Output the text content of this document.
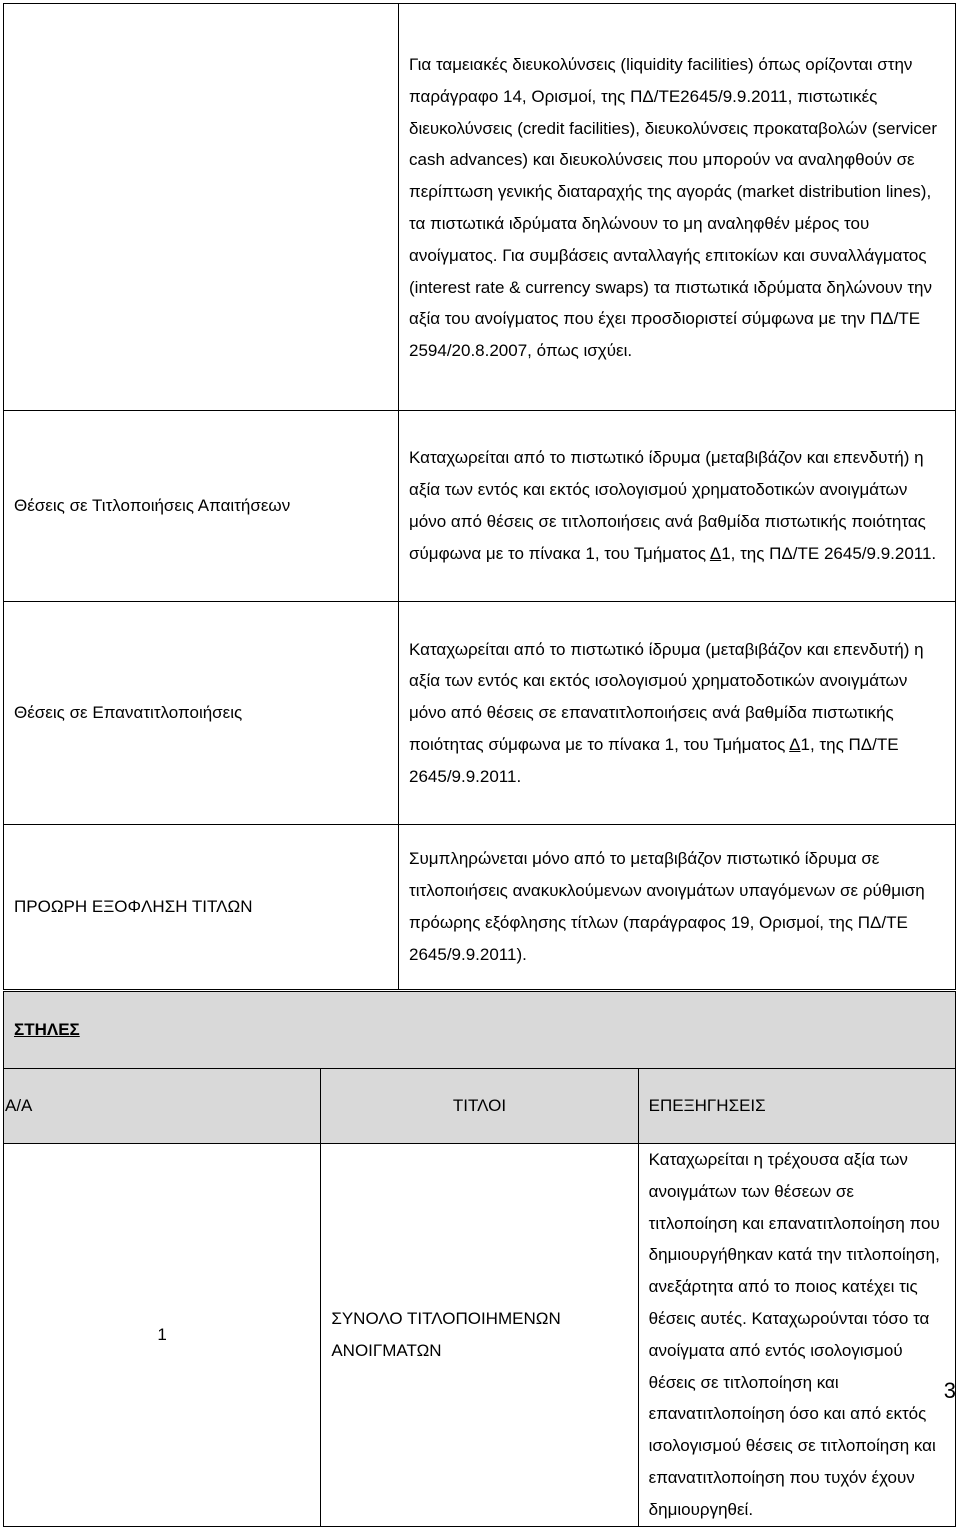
	Για ταμειακές διευκολύνσεις (liquidity facilities) όπως ορίζονται στην παράγραφο 14, Ορισμοί, της ΠΔ/ΤΕ2645/9.9.2011, πιστωτικές διευκολύνσεις (credit facilities), διευκολύνσεις προκαταβολών (servicer cash advances) και διευκολύνσεις που μπορούν να αναληφθούν σε περίπτωση γενικής διαταραχής της αγοράς (market distribution lines), τα πιστωτικά ιδρύματα δηλώνουν το μη αναληφθέν μέρος του ανοίγματος. Για συμβάσεις ανταλλαγής επιτοκίων και συναλλάγματος (interest rate & currency swaps) τα πιστωτικά ιδρύματα δηλώνουν την αξία του ανοίγματος που έχει προσδιοριστεί σύμφωνα με την ΠΔ/ΤΕ 2594/20.8.2007, όπως ισχύει.

Θέσεις σε Τιτλοποιήσεις Απαιτήσεων	Καταχωρείται από το πιστωτικό ίδρυμα (μεταβιβάζον και επενδυτή) η αξία των εντός και εκτός ισολογισμού χρηματοδοτικών ανοιγμάτων μόνο από θέσεις σε τιτλοποιήσεις ανά βαθμίδα πιστωτικής ποιότητας σύμφωνα με το πίνακα 1, του Τμήματος Δ1, της ΠΔ/ΤΕ 2645/9.9.2011.

Θέσεις σε Επανατιτλοποιήσεις	Καταχωρείται από το πιστωτικό ίδρυμα (μεταβιβάζον και επενδυτή) η αξία των εντός και εκτός ισολογισμού χρηματοδοτικών ανοιγμάτων μόνο από θέσεις σε επανατιτλοποιήσεις ανά βαθμίδα πιστωτικής ποιότητας σύμφωνα με το πίνακα 1, του Τμήματος Δ1, της ΠΔ/ΤΕ 2645/9.9.2011.

ΠΡΟΩΡΗ ΕΞΟΦΛΗΣΗ ΤΙΤΛΩΝ	Συμπληρώνεται μόνο από το μεταβιβάζον πιστωτικό ίδρυμα σε τιτλοποιήσεις ανακυκλούμενων ανοιγμάτων υπαγόμενων σε ρύθμιση πρόωρης εξόφλησης τίτλων (παράγραφος 19, Ορισμοί, της ΠΔ/ΤΕ 2645/9.9.2011).
ΣΤΗΛΕΣ		
Α/Α	ΤΙΤΛΟΙ	ΕΠΕΞΗΓΗΣΕΙΣ
1	ΣΥΝΟΛΟ ΤΙΤΛΟΠΟΙΗΜΕΝΩΝ ΑΝΟΙΓΜΑΤΩΝ	Καταχωρείται η τρέχουσα αξία των ανοιγμάτων των θέσεων σε τιτλοποίηση και επανατιτλοποίηση που δημιουργήθηκαν κατά την τιτλοποίηση, ανεξάρτητα από το ποιος κατέχει τις θέσεις αυτές. Καταχωρούνται τόσο τα ανοίγματα από εντός ισολογισμού θέσεις σε τιτλοποίηση και επανατιτλοποίηση όσο και από εκτός ισολογισμού θέσεις σε τιτλοποίηση και επανατιτλοποίηση που τυχόν έχουν δημιουργηθεί.
3
